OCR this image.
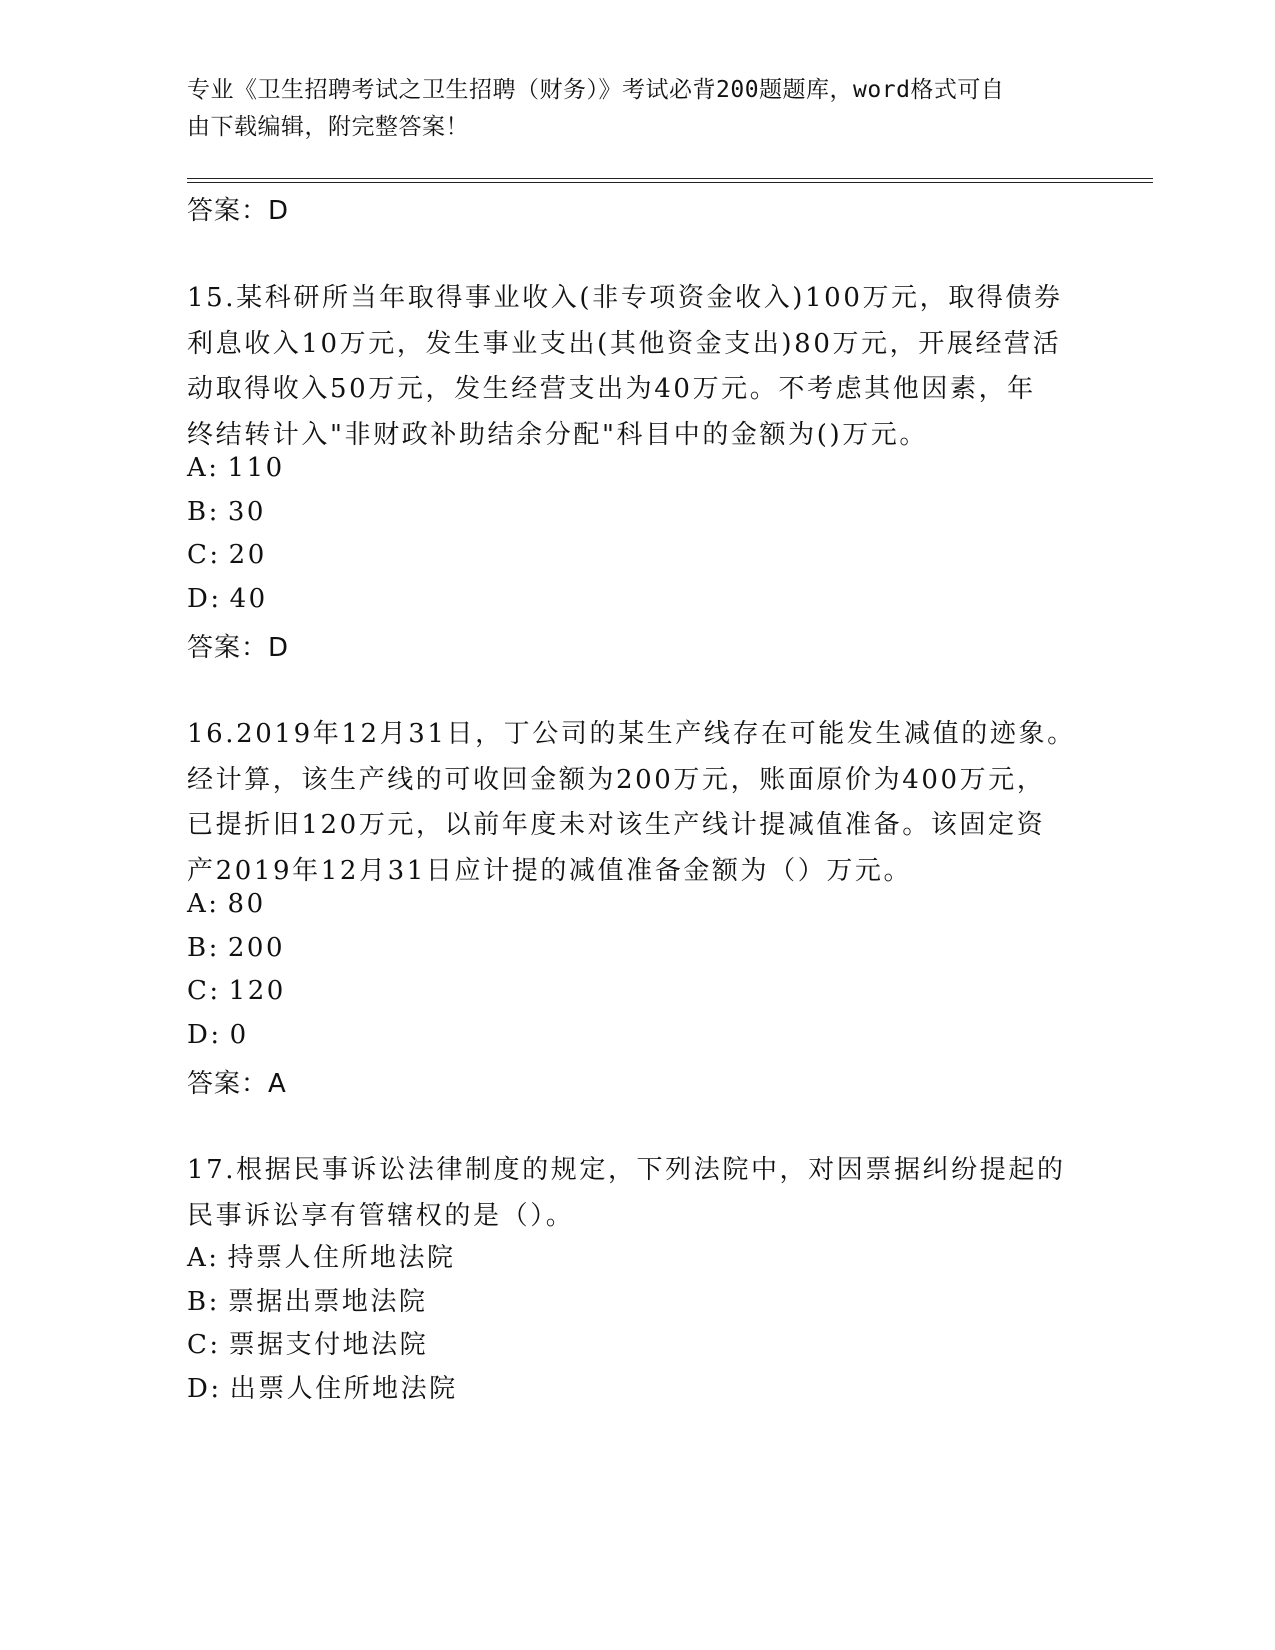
专业《卫生招聘考试之卫生招聘（财务）》考试必背200题题库，word格式可自
由下载编辑，附完整答案！
答案：D
15.某科研所当年取得事业收入(非专项资金收入)100万元，取得债券
利息收入10万元，发生事业支出(其他资金支出)80万元，开展经营活
动取得收入50万元，发生经营支出为40万元。不考虑其他因素，年
终结转计入"非财政补助结余分配"科目中的金额为()万元。
A: 110
B: 30
C: 20
D: 40
答案：D
16.2019年12月31日，丁公司的某生产线存在可能发生减值的迹象。
经计算，该生产线的可收回金额为200万元，账面原价为400万元，
已提折旧120万元，以前年度未对该生产线计提减值准备。该固定资
产2019年12月31日应计提的减值准备金额为（）万元。
A: 80
B: 200
C: 120
D: 0
答案：A
17.根据民事诉讼法律制度的规定，下列法院中，对因票据纠纷提起的
民事诉讼享有管辖权的是（）。
A: 持票人住所地法院
B: 票据出票地法院
C: 票据支付地法院
D: 出票人住所地法院
